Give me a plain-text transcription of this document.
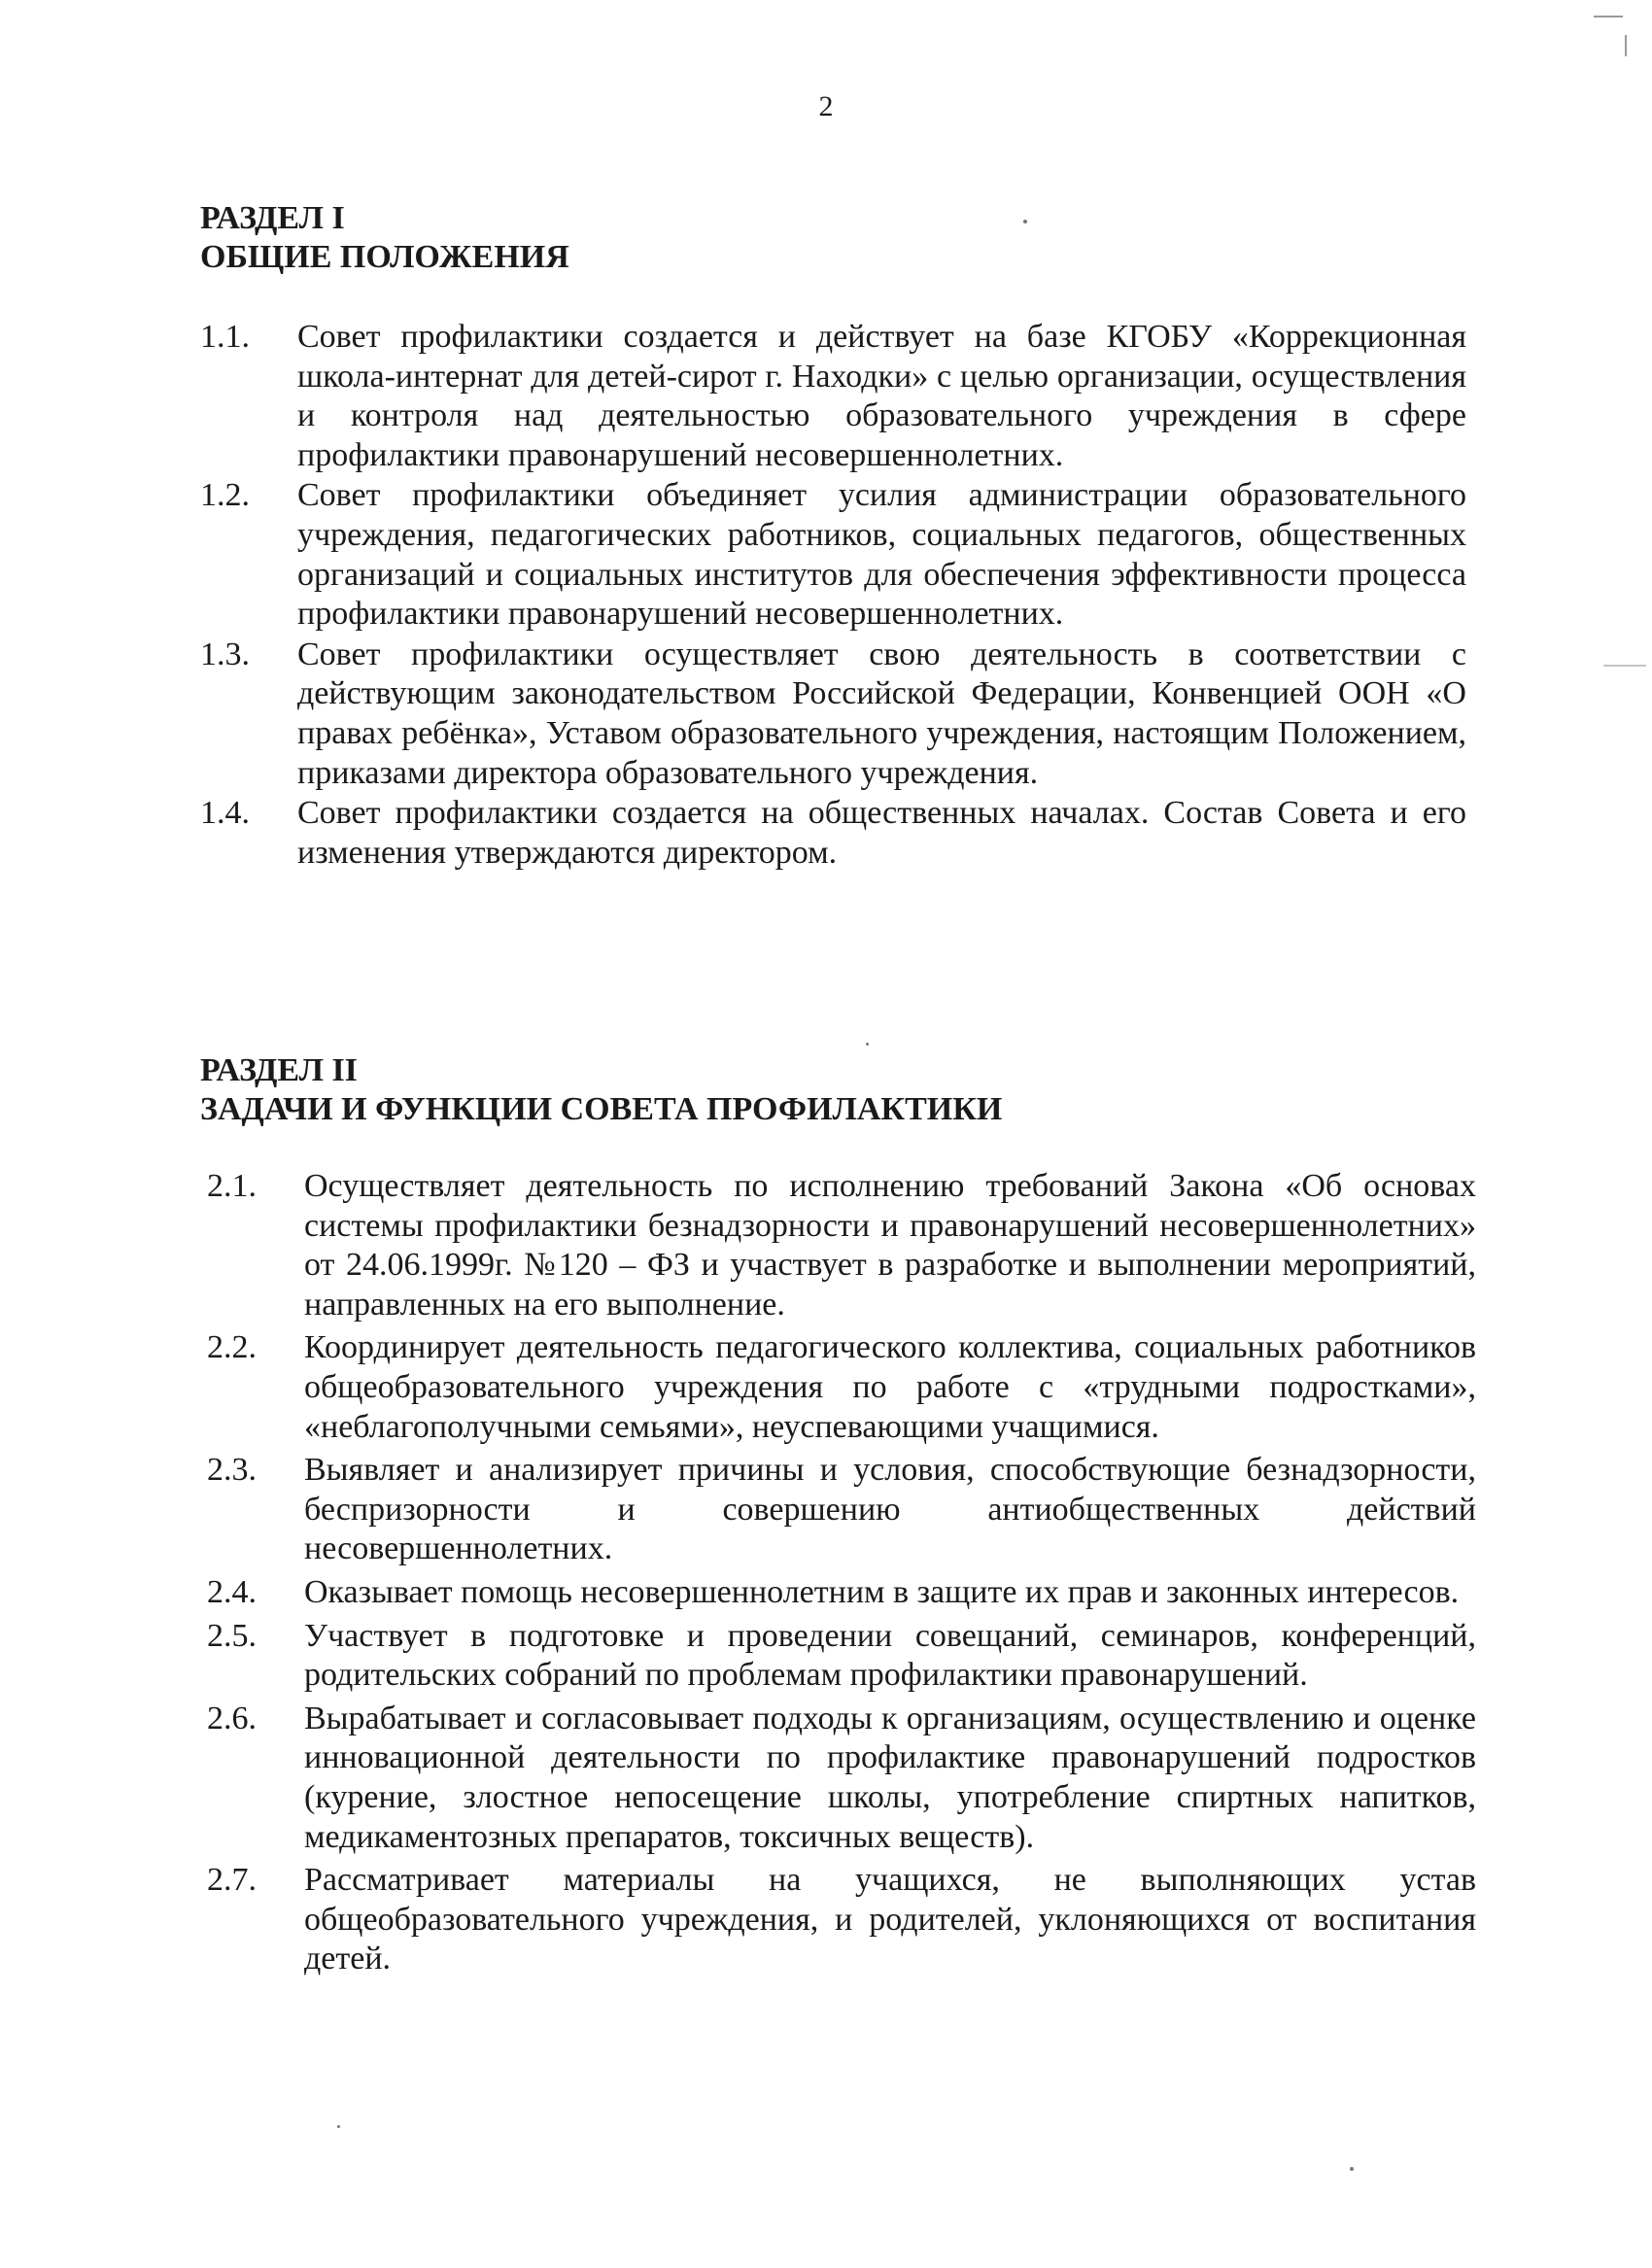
2
РАЗДЕЛ I
ОБЩИЕ ПОЛОЖЕНИЯ
1.1.	Совет профилактики создается и действует на базе КГОБУ «Коррекционная школа-интернат для детей-сирот г. Находки» с целью организации, осуществления и контроля над деятельностью образовательного учреждения в сфере профилактики правонарушений несовершеннолетних.
1.2.	Совет профилактики объединяет усилия администрации образовательного учреждения, педагогических работников, социальных педагогов, общественных организаций и социальных институтов для обеспечения эффективности процесса профилактики правонарушений несовершеннолетних.
1.3.	Совет профилактики осуществляет свою деятельность в соответствии с действующим законодательством Российской Федерации, Конвенцией ООН «О правах ребёнка», Уставом образовательного учреждения, настоящим Положением, приказами директора образовательного учреждения.
1.4.	Совет профилактики создается на общественных началах. Состав Совета и его изменения утверждаются директором.
РАЗДЕЛ II
ЗАДАЧИ И ФУНКЦИИ СОВЕТА ПРОФИЛАКТИКИ
2.1.	Осуществляет деятельность по исполнению требований Закона «Об основах системы профилактики безнадзорности и правонарушений несовершеннолетних» от 24.06.1999г. №120 – ФЗ и участвует в разработке и выполнении мероприятий, направленных на его выполнение.
2.2.	Координирует деятельность педагогического коллектива, социальных работников общеобразовательного учреждения по работе с «трудными подростками», «неблагополучными семьями», неуспевающими учащимися.
2.3.	Выявляет и анализирует причины и условия, способствующие безнадзорности, беспризорности и совершению антиобщественных действий несовершеннолетних.
2.4.	Оказывает помощь несовершеннолетним в защите их прав и законных интересов.
2.5.	Участвует в подготовке и проведении совещаний, семинаров, конференций, родительских собраний по проблемам профилактики правонарушений.
2.6.	Вырабатывает и согласовывает подходы к организациям, осуществлению и оценке инновационной деятельности по профилактике правонарушений подростков (курение, злостное непосещение школы, употребление спиртных напитков, медикаментозных препаратов, токсичных веществ).
2.7.	Рассматривает материалы на учащихся, не выполняющих устав общеобразовательного учреждения, и родителей, уклоняющихся от воспитания детей.
